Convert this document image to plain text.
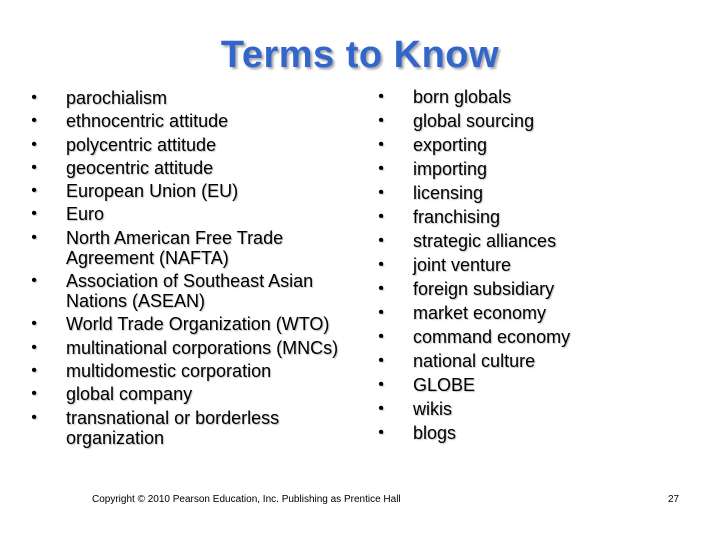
Terms to Know
• parochialism
• ethnocentric attitude
• polycentric attitude
• geocentric attitude
• European Union (EU)
• Euro
• North American Free Trade Agreement (NAFTA)
• Association of Southeast Asian Nations (ASEAN)
• World Trade Organization (WTO)
• multinational corporations (MNCs)
• multidomestic corporation
• global company
• transnational or borderless organization
• born globals
• global sourcing
• exporting
• importing
• licensing
• franchising
• strategic alliances
• joint venture
• foreign subsidiary
• market economy
• command economy
• national culture
• GLOBE
• wikis
• blogs
Copyright © 2010 Pearson Education, Inc. Publishing as Prentice Hall	27
